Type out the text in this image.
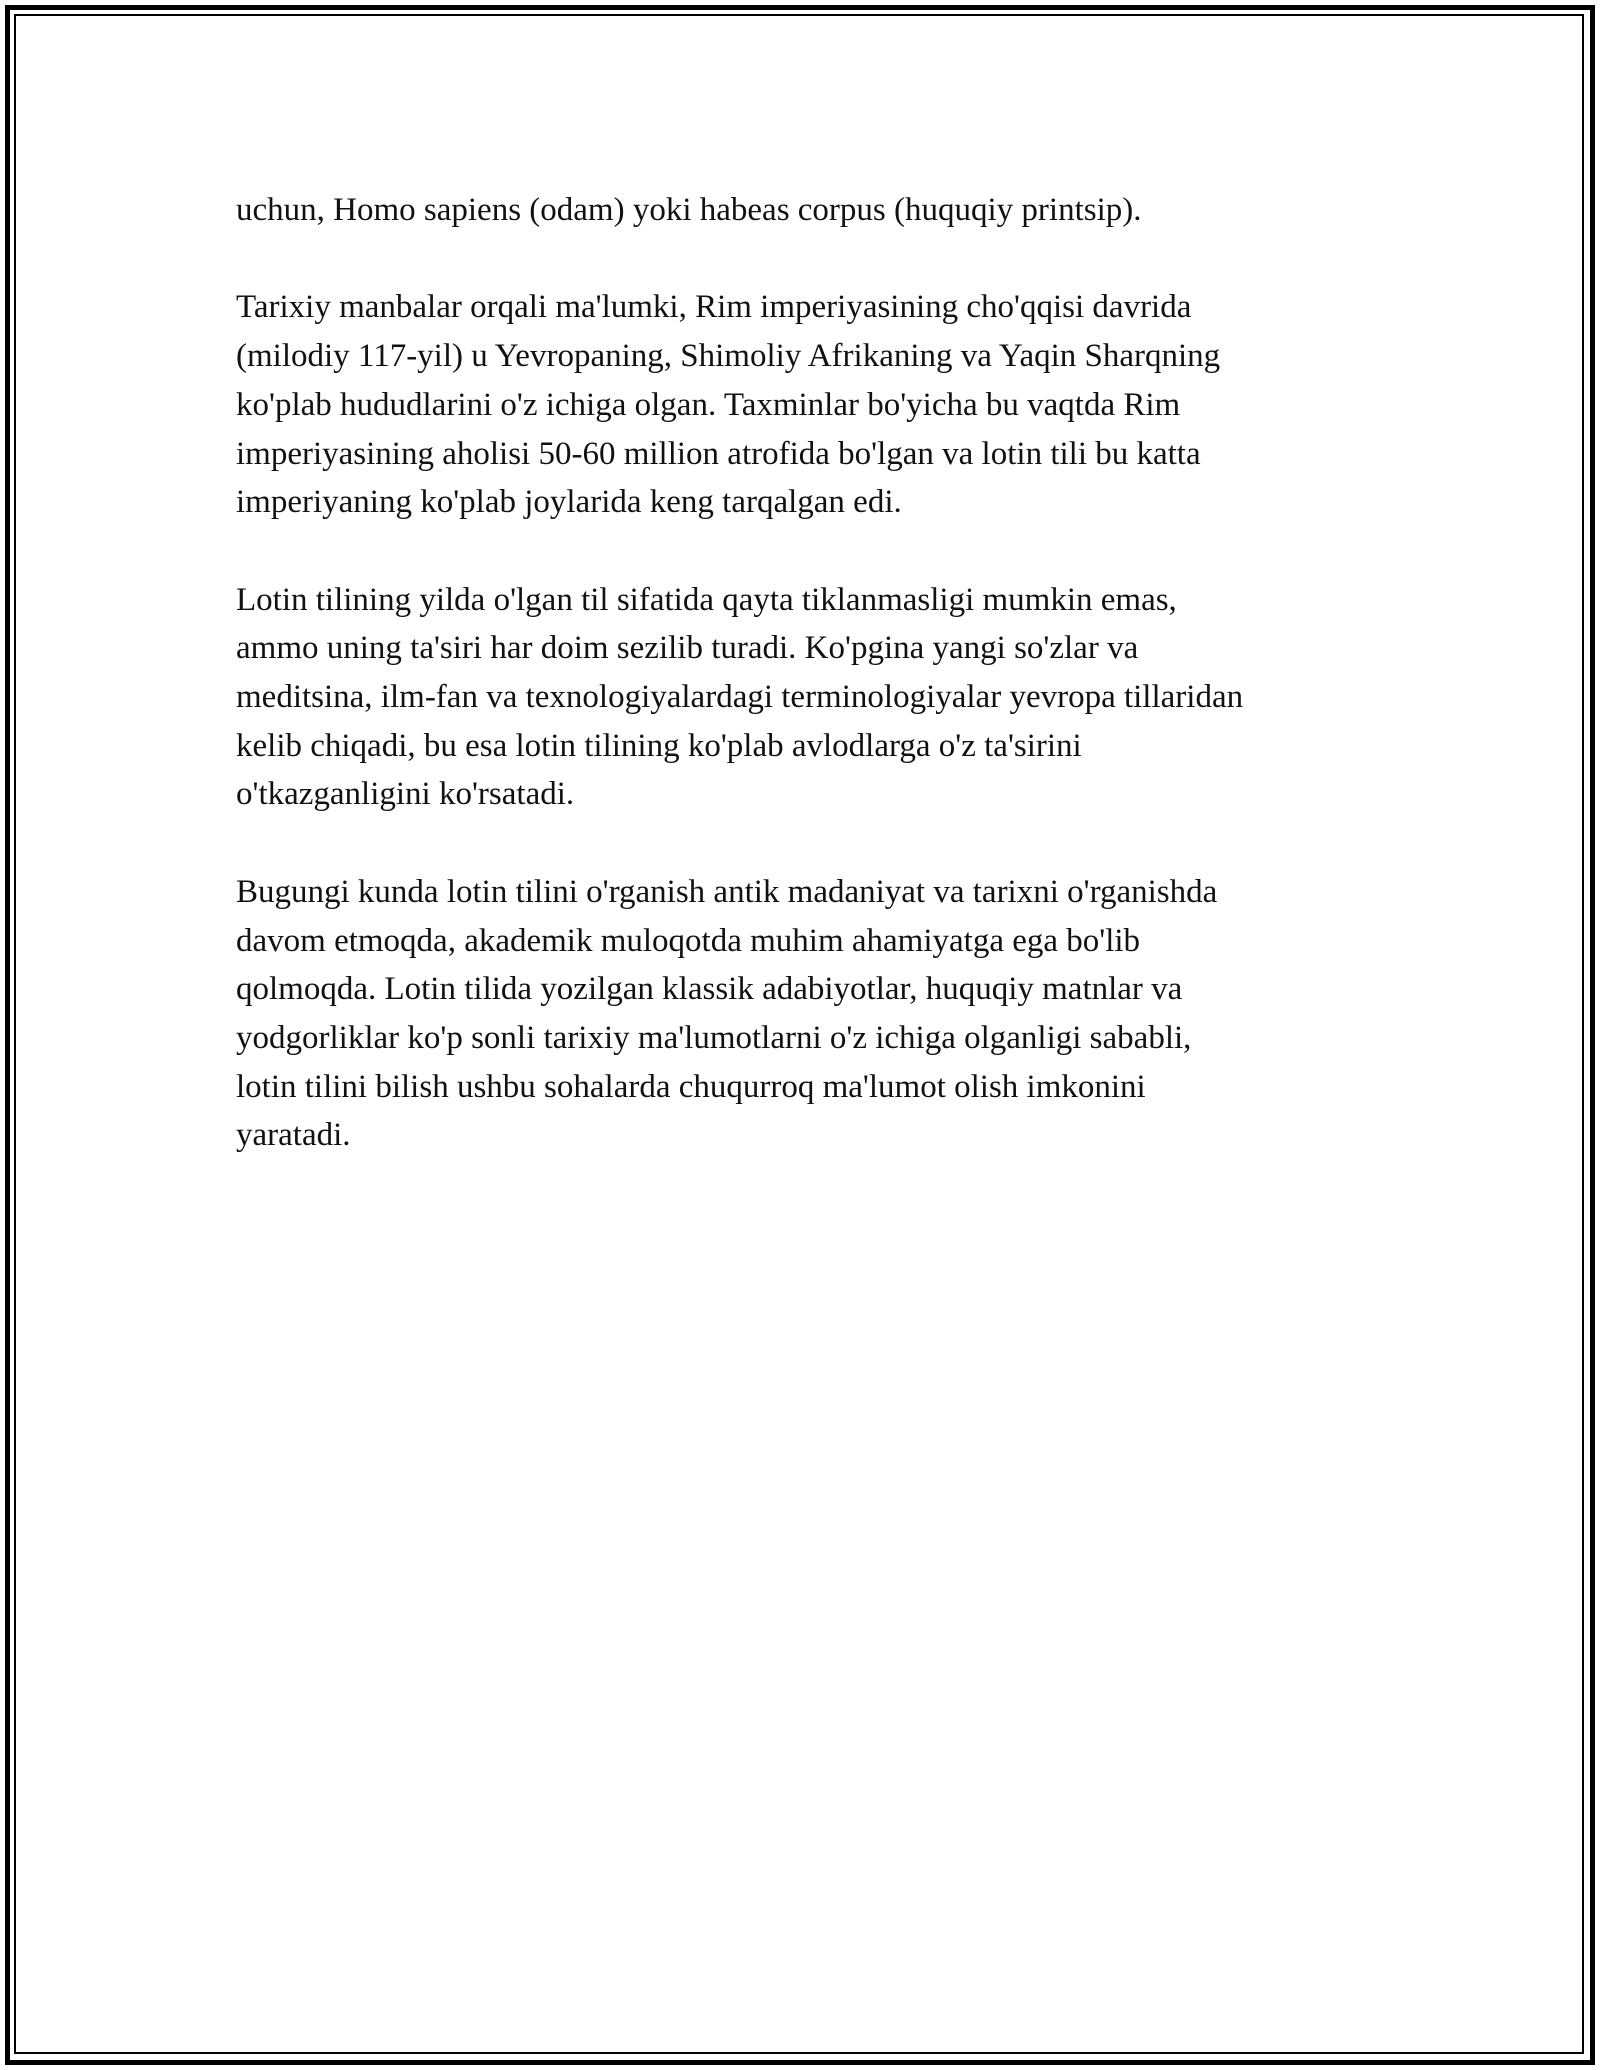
uchun, Homo sapiens (odam) yoki habeas corpus (huquqiy printsip).
Tarixiy manbalar orqali ma'lumki, Rim imperiyasining cho'qqisi davrida
(milodiy 117-yil) u Yevropaning, Shimoliy Afrikaning va Yaqin Sharqning
ko'plab hududlarini o'z ichiga olgan. Taxminlar bo'yicha bu vaqtda Rim
imperiyasining aholisi 50-60 million atrofida bo'lgan va lotin tili bu katta
imperiyaning ko'plab joylarida keng tarqalgan edi.
Lotin tilining yilda o'lgan til sifatida qayta tiklanmasligi mumkin emas,
ammo uning ta'siri har doim sezilib turadi. Ko'pgina yangi so'zlar va
meditsina, ilm-fan va texnologiyalardagi terminologiyalar yevropa tillaridan
kelib chiqadi, bu esa lotin tilining ko'plab avlodlarga o'z ta'sirini
o'tkazganligini ko'rsatadi.
Bugungi kunda lotin tilini o'rganish antik madaniyat va tarixni o'rganishda
davom etmoqda, akademik muloqotda muhim ahamiyatga ega bo'lib
qolmoqda. Lotin tilida yozilgan klassik adabiyotlar, huquqiy matnlar va
yodgorliklar ko'p sonli tarixiy ma'lumotlarni o'z ichiga olganligi sababli,
lotin tilini bilish ushbu sohalarda chuqurroq ma'lumot olish imkonini
yaratadi.
